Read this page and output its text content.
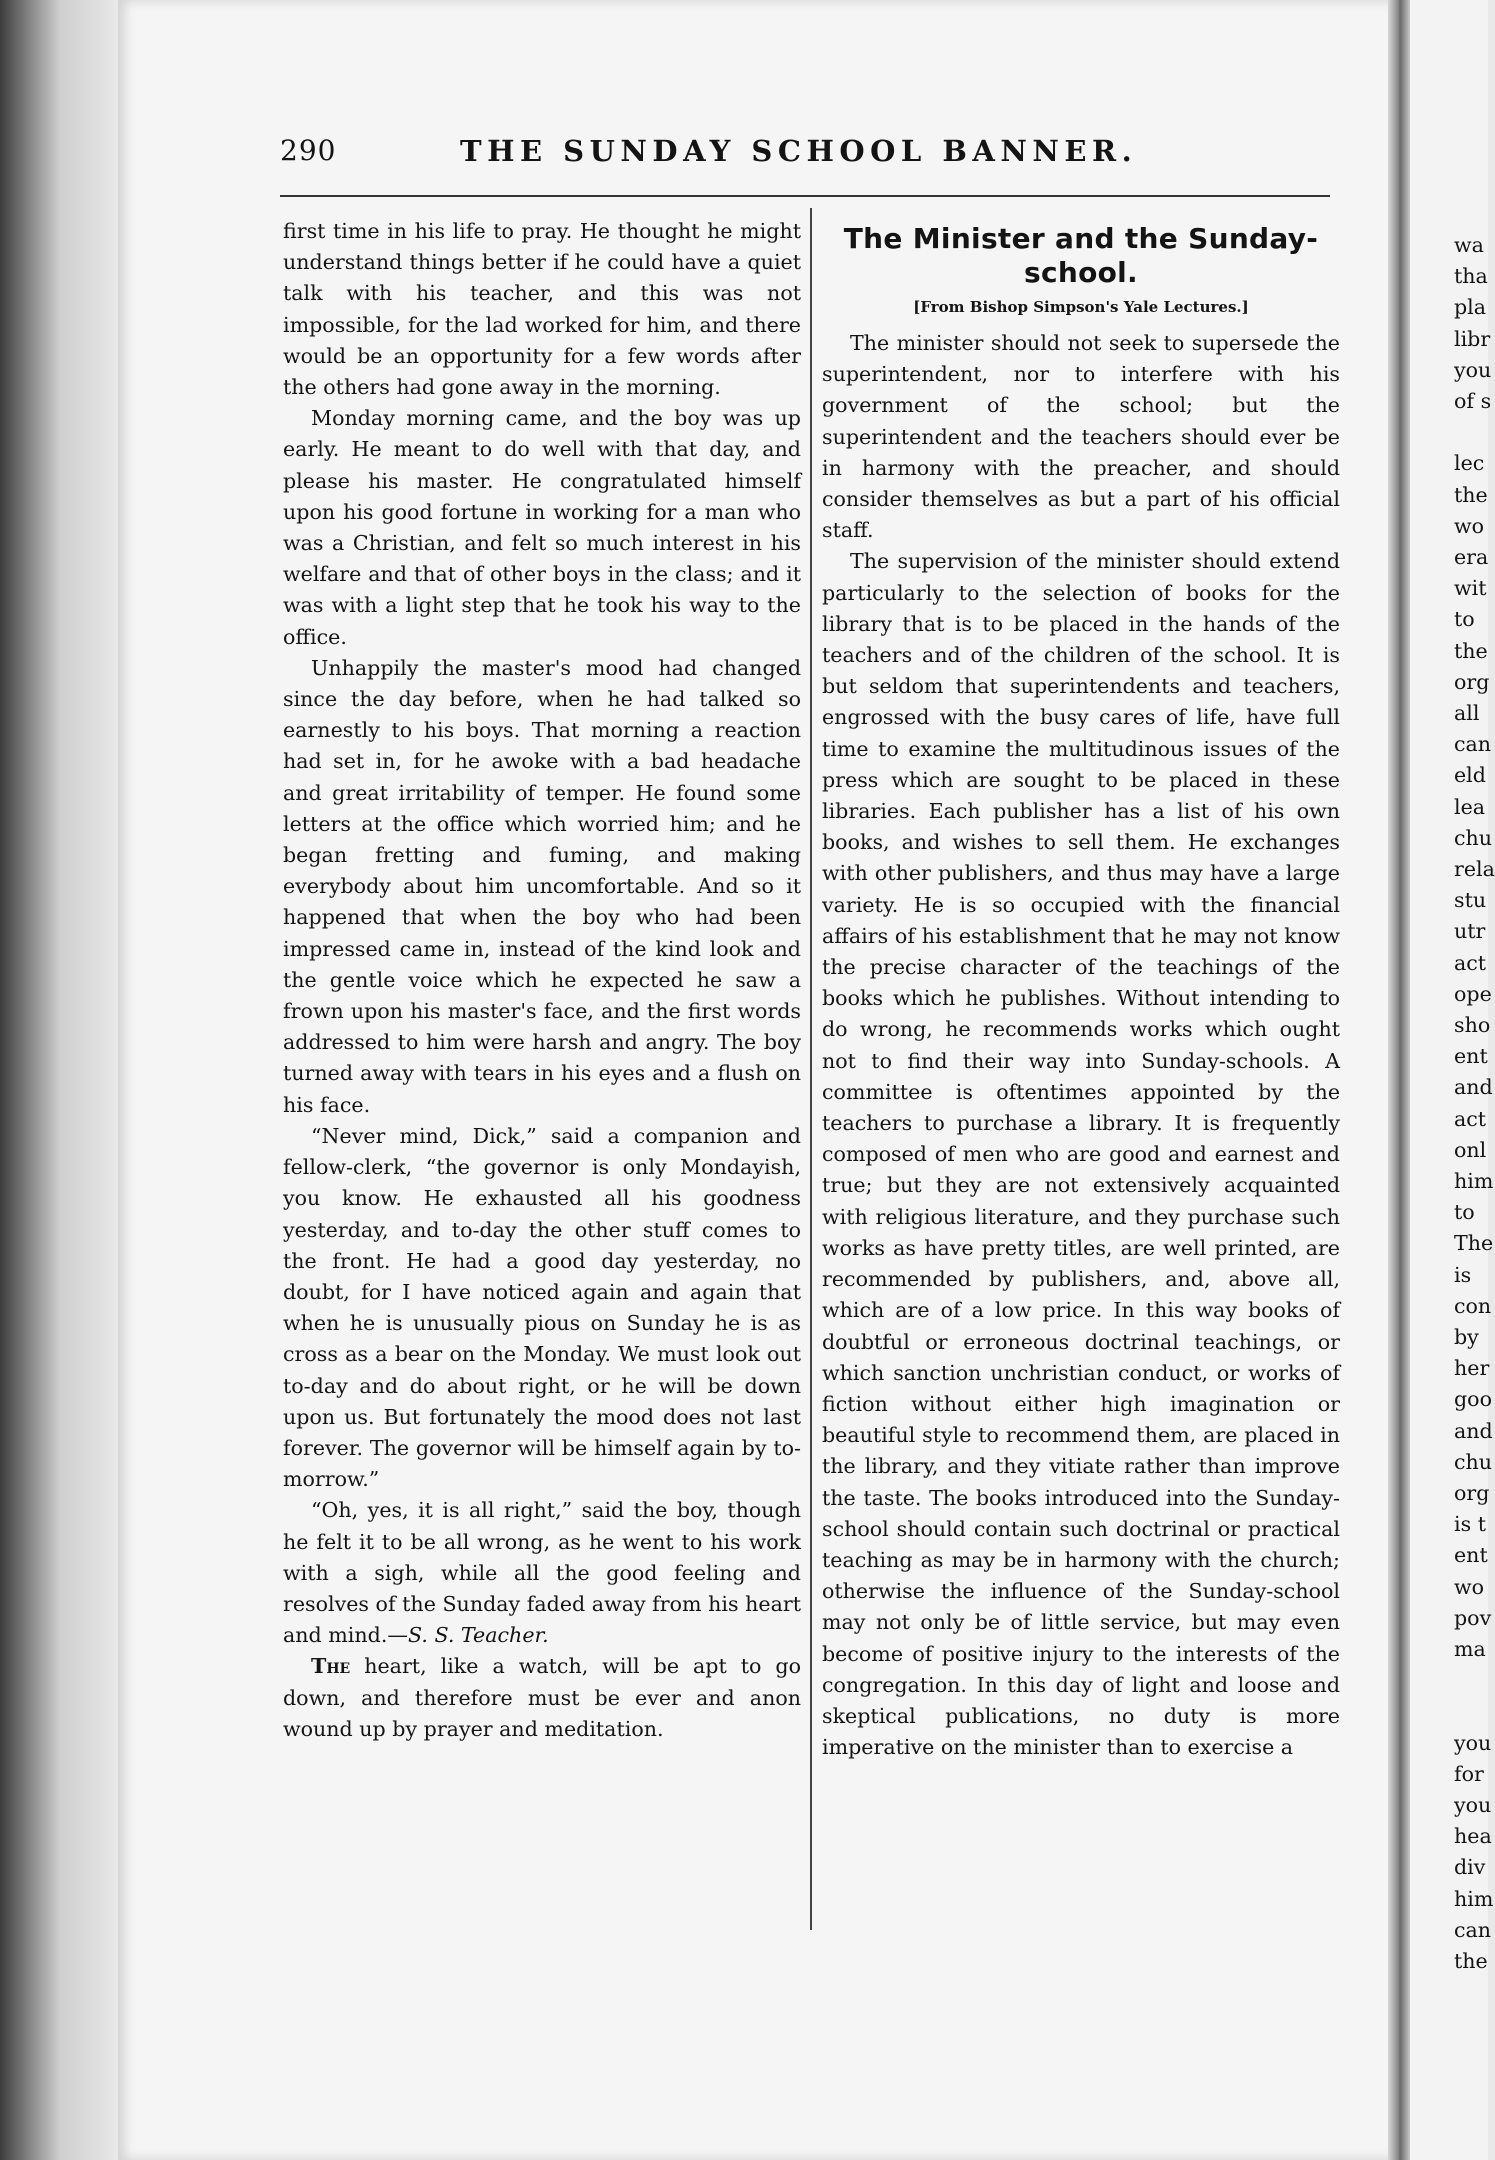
wa
tha
pla
libr
you
of s
lec
the
wo
era
wit
to
the
org
all
can
eld
lea
chu
rela
stu
utr
act
ope
sho
ent
and
act
onl
him
to
The
is
con
by
her
goo
and
chu
org
is t
ent
wo
pov
ma
you
for
you
hea
div
him
can
the
290	THE SUNDAY SCHOOL BANNER.

first time in his life to pray. He thought he might understand things better if he could have a quiet talk with his teacher, and this was not impossible, for the lad worked for him, and there would be an opportunity for a few words after the others had gone away in the morning.

Monday morning came, and the boy was up early. He meant to do well with that day, and please his master. He congratulated himself upon his good fortune in working for a man who was a Christian, and felt so much interest in his welfare and that of other boys in the class; and it was with a light step that he took his way to the office.

Unhappily the master's mood had changed since the day before, when he had talked so earnestly to his boys. That morning a reaction had set in, for he awoke with a bad headache and great irritability of temper. He found some letters at the office which worried him; and he began fretting and fuming, and making everybody about him uncomfortable. And so it happened that when the boy who had been impressed came in, instead of the kind look and the gentle voice which he expected he saw a frown upon his master's face, and the first words addressed to him were harsh and angry. The boy turned away with tears in his eyes and a flush on his face.

“Never mind, Dick,” said a companion and fellow-clerk, “the governor is only Mondayish, you know. He exhausted all his goodness yesterday, and to-day the other stuff comes to the front. He had a good day yesterday, no doubt, for I have noticed again and again that when he is unusually pious on Sunday he is as cross as a bear on the Monday. We must look out to-day and do about right, or he will be down upon us. But fortunately the mood does not last forever. The governor will be himself again by to-morrow.”

“Oh, yes, it is all right,” said the boy, though he felt it to be all wrong, as he went to his work with a sigh, while all the good feeling and resolves of the Sunday faded away from his heart and mind.—S. S. Teacher.

The heart, like a watch, will be apt to go down, and therefore must be ever and anon wound up by prayer and meditation.

The Minister and the Sunday-
school.
[From Bishop Simpson's Yale Lectures.]

The minister should not seek to supersede the superintendent, nor to interfere with his government of the school; but the superintendent and the teachers should ever be in harmony with the preacher, and should consider themselves as but a part of his official staff.

The supervision of the minister should extend particularly to the selection of books for the library that is to be placed in the hands of the teachers and of the children of the school. It is but seldom that superintendents and teachers, engrossed with the busy cares of life, have full time to examine the multitudinous issues of the press which are sought to be placed in these libraries. Each publisher has a list of his own books, and wishes to sell them. He exchanges with other publishers, and thus may have a large variety. He is so occupied with the financial affairs of his establishment that he may not know the precise character of the teachings of the books which he publishes. Without intending to do wrong, he recommends works which ought not to find their way into Sunday-schools. A committee is oftentimes appointed by the teachers to purchase a library. It is frequently composed of men who are good and earnest and true; but they are not extensively acquainted with religious literature, and they purchase such works as have pretty titles, are well printed, are recommended by publishers, and, above all, which are of a low price. In this way books of doubtful or erroneous doctrinal teachings, or which sanction unchristian conduct, or works of fiction without either high imagination or beautiful style to recommend them, are placed in the library, and they vitiate rather than improve the taste. The books introduced into the Sunday-school should contain such doctrinal or practical teaching as may be in harmony with the church; otherwise the influence of the Sunday-school may not only be of little service, but may even become of positive injury to the interests of the congregation. In this day of light and loose and skeptical publications, no duty is more imperative on the minister than to exercise a
